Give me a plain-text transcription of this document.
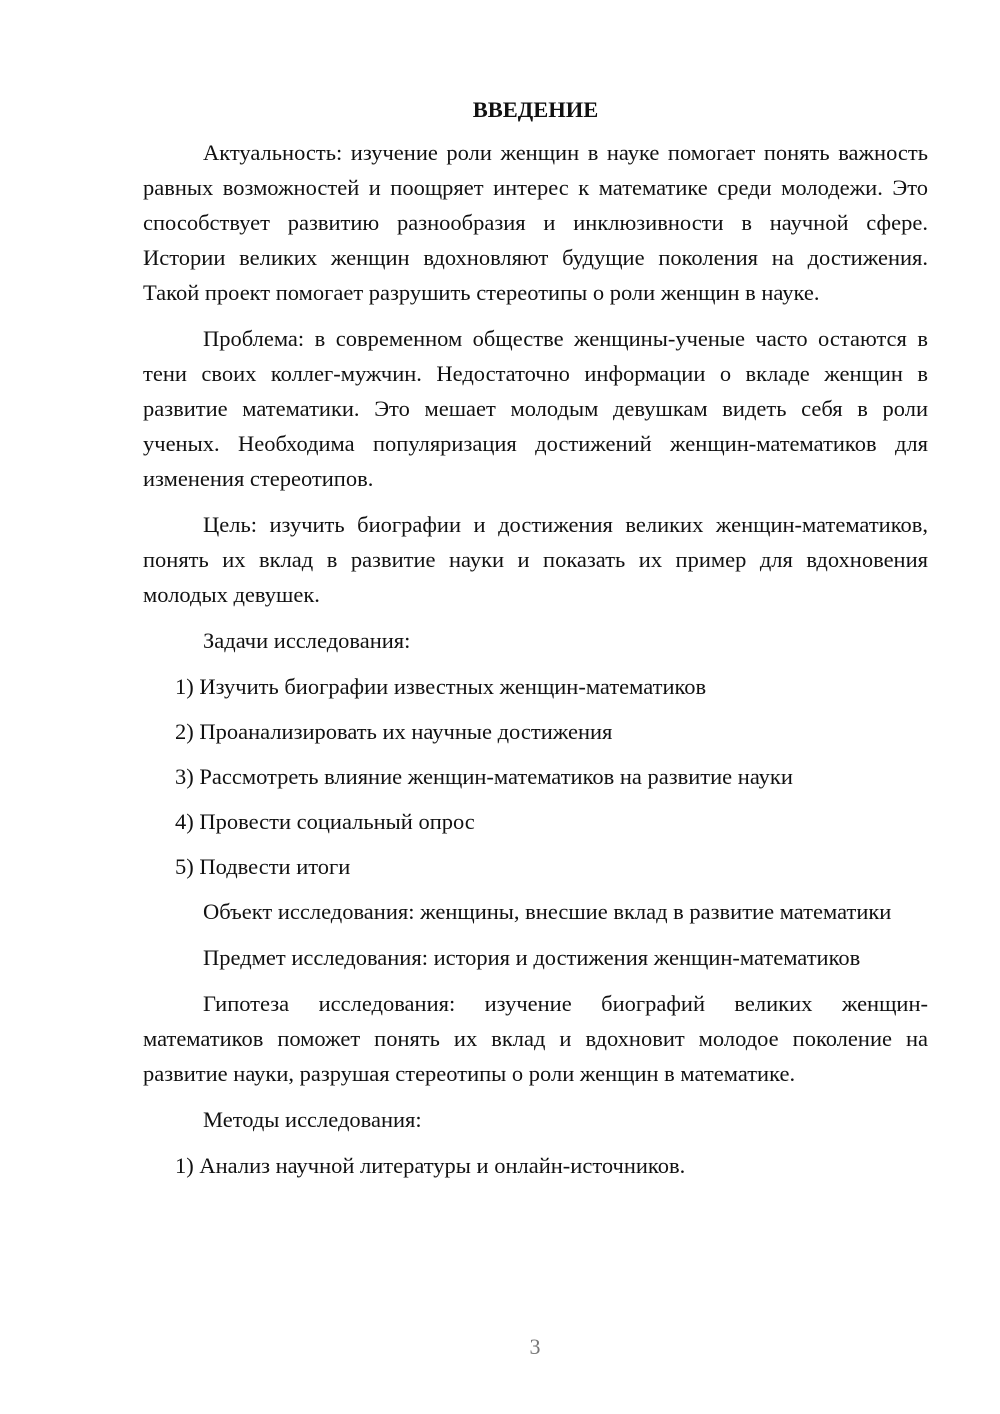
ВВЕДЕНИЕ

Актуальность: изучение роли женщин в науке помогает понять важность равных возможностей и поощряет интерес к математике среди молодежи. Это способствует развитию разнообразия и инклюзивности в научной сфере. Истории великих женщин вдохновляют будущие поколения на достижения. Такой проект помогает разрушить стереотипы о роли женщин в науке.

Проблема: в современном обществе женщины-ученые часто остаются в тени своих коллег-мужчин. Недостаточно информации о вкладе женщин в развитие математики. Это мешает молодым девушкам видеть себя в роли ученых. Необходима популяризация достижений женщин-математиков для изменения стереотипов.

Цель: изучить биографии и достижения великих женщин-математиков, понять их вклад в развитие науки и показать их пример для вдохновения молодых девушек.

Задачи исследования:

1) Изучить биографии известных женщин-математиков
2) Проанализировать их научные достижения
3) Рассмотреть влияние женщин-математиков на развитие науки
4) Провести социальный опрос
5) Подвести итоги

Объект исследования: женщины, внесшие вклад в развитие математики

Предмет исследования: история и достижения женщин-математиков

Гипотеза исследования: изучение биографий великих женщин-математиков поможет понять их вклад и вдохновит молодое поколение на развитие науки, разрушая стереотипы о роли женщин в математике.

Методы исследования:

1) Анализ научной литературы и онлайн-источников.
3
